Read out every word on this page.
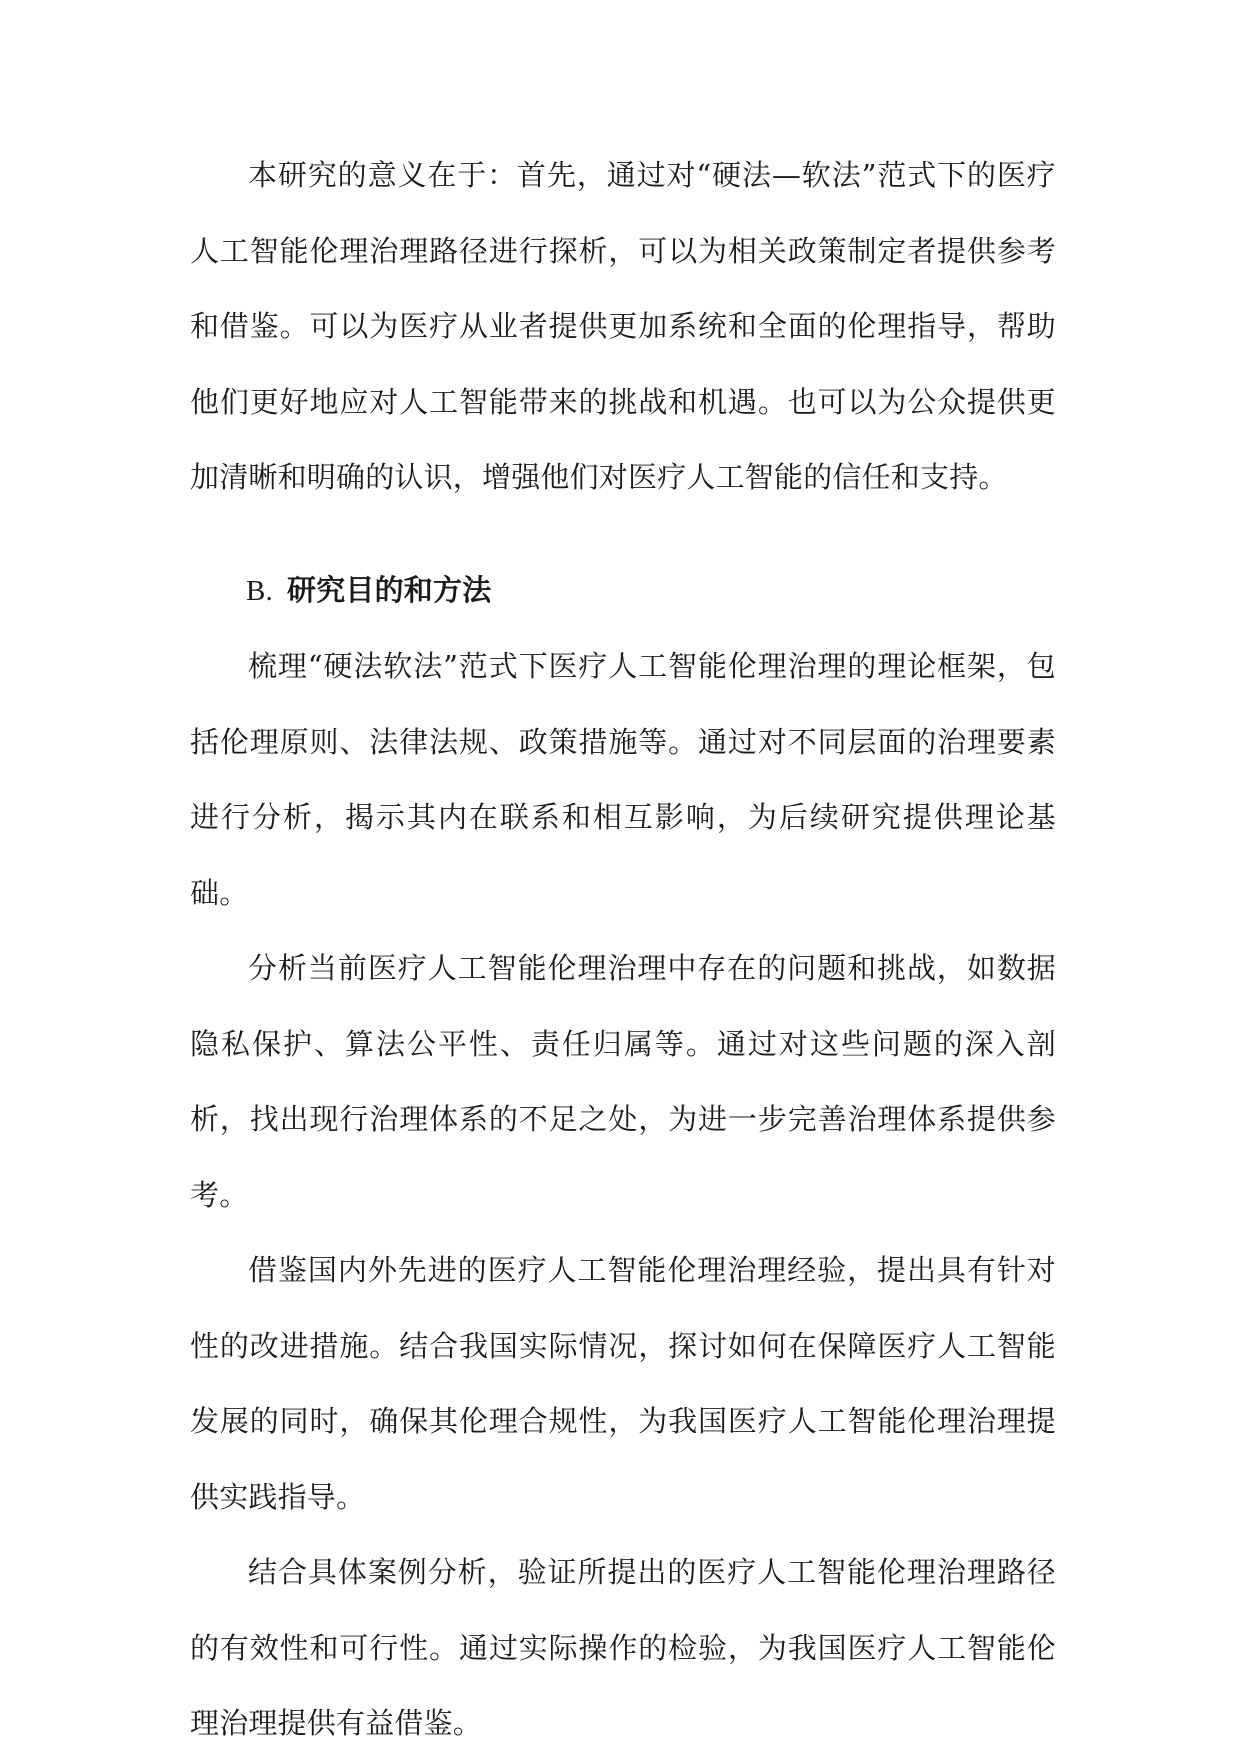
本研究的意义在于：首先，通过对“硬法—软法”范式下的医疗人工智能伦理治理路径进行探析，可以为相关政策制定者提供参考和借鉴。可以为医疗从业者提供更加系统和全面的伦理指导，帮助他们更好地应对人工智能带来的挑战和机遇。也可以为公众提供更加清晰和明确的认识，增强他们对医疗人工智能的信任和支持。

B. 研究目的和方法

梳理“硬法软法”范式下医疗人工智能伦理治理的理论框架，包括伦理原则、法律法规、政策措施等。通过对不同层面的治理要素进行分析，揭示其内在联系和相互影响，为后续研究提供理论基础。

分析当前医疗人工智能伦理治理中存在的问题和挑战，如数据隐私保护、算法公平性、责任归属等。通过对这些问题的深入剖析，找出现行治理体系的不足之处，为进一步完善治理体系提供参考。

借鉴国内外先进的医疗人工智能伦理治理经验，提出具有针对性的改进措施。结合我国实际情况，探讨如何在保障医疗人工智能发展的同时，确保其伦理合规性，为我国医疗人工智能伦理治理提供实践指导。

结合具体案例分析，验证所提出的医疗人工智能伦理治理路径的有效性和可行性。通过实际操作的检验，为我国医疗人工智能伦理治理提供有益借鉴。
